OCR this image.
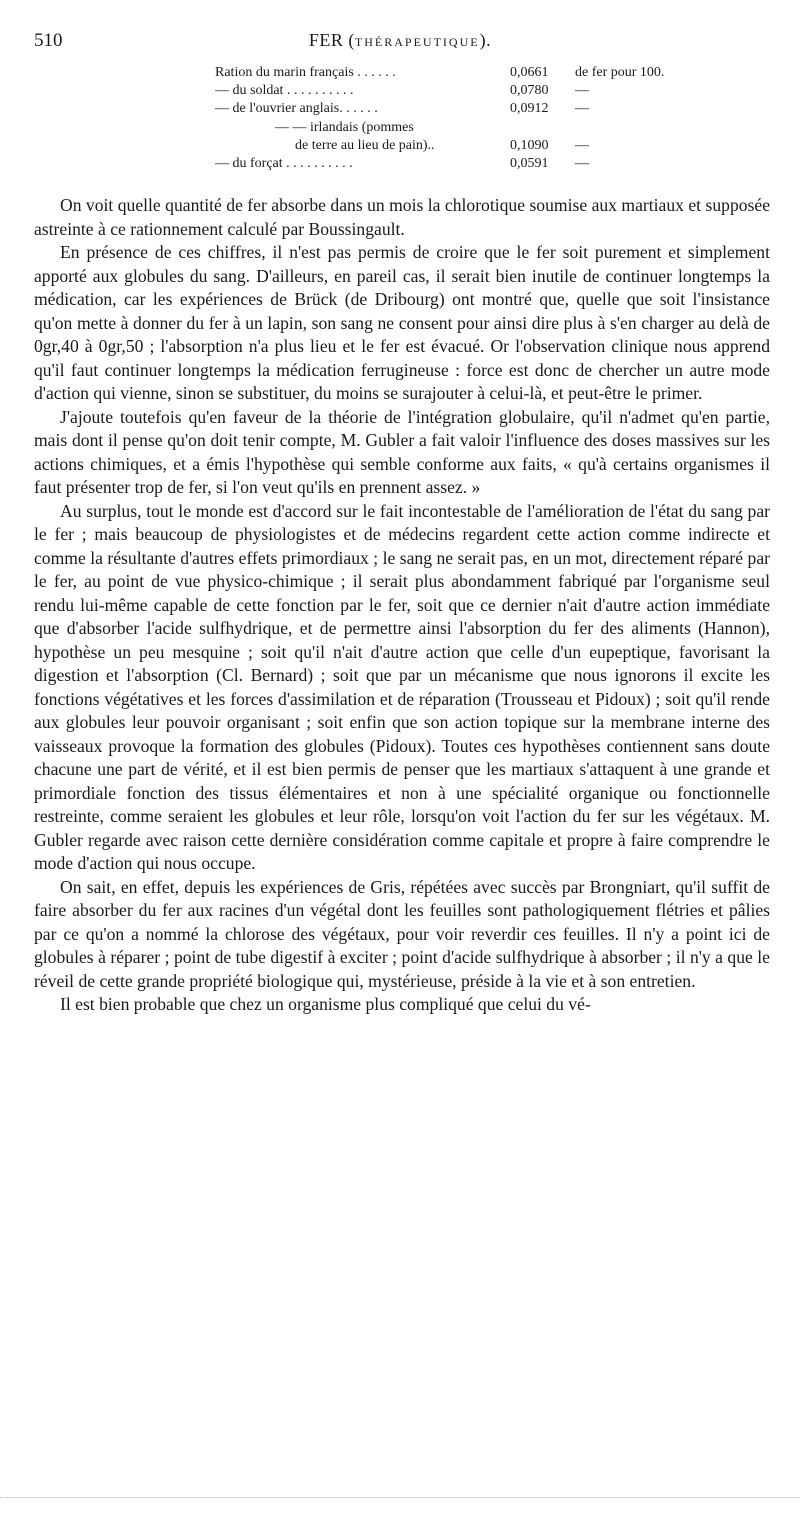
510	FER (THÉRAPEUTIQUE).
Ration du marin français . . . . . .	0,0661 de fer pour 100.
— du soldat . . . . . . . . . .	0,0780 —
— de l'ouvrier anglais. . . . . .	0,0912 —
— — irlandais (pommes
de terre au lieu de pain)..	0,1090 —
— du forçat . . . . . . . . . .	0,0591 —

On voit quelle quantité de fer absorbe dans un mois la chlorotique soumise aux martiaux et supposée astreinte à ce rationnement calculé par Boussingault.

En présence de ces chiffres, il n'est pas permis de croire que le fer soit purement et simplement apporté aux globules du sang. D'ailleurs, en pareil cas, il serait bien inutile de continuer longtemps la médication, car les expériences de Brück (de Dribourg) ont montré que, quelle que soit l'insistance qu'on mette à donner du fer à un lapin, son sang ne consent pour ainsi dire plus à s'en charger au delà de 0gr,40 à 0gr,50 ; l'absorption n'a plus lieu et le fer est évacué. Or l'observation clinique nous apprend qu'il faut continuer longtemps la médication ferrugineuse : force est donc de chercher un autre mode d'action qui vienne, sinon se substituer, du moins se surajouter à celui-là, et peut-être le primer.

J'ajoute toutefois qu'en faveur de la théorie de l'intégration globulaire, qu'il n'admet qu'en partie, mais dont il pense qu'on doit tenir compte, M. Gubler a fait valoir l'influence des doses massives sur les actions chimiques, et a émis l'hypothèse qui semble conforme aux faits, « qu'à certains organismes il faut présenter trop de fer, si l'on veut qu'ils en prennent assez. »

Au surplus, tout le monde est d'accord sur le fait incontestable de l'amélioration de l'état du sang par le fer ; mais beaucoup de physiologistes et de médecins regardent cette action comme indirecte et comme la résultante d'autres effets primordiaux ; le sang ne serait pas, en un mot, directement réparé par le fer, au point de vue physico-chimique ; il serait plus abondamment fabriqué par l'organisme seul rendu lui-même capable de cette fonction par le fer, soit que ce dernier n'ait d'autre action immédiate que d'absorber l'acide sulfhydrique, et de permettre ainsi l'absorption du fer des aliments (Hannon), hypothèse un peu mesquine ; soit qu'il n'ait d'autre action que celle d'un eupeptique, favorisant la digestion et l'absorption (Cl. Bernard) ; soit que par un mécanisme que nous ignorons il excite les fonctions végétatives et les forces d'assimilation et de réparation (Trousseau et Pidoux) ; soit qu'il rende aux globules leur pouvoir organisant ; soit enfin que son action topique sur la membrane interne des vaisseaux provoque la formation des globules (Pidoux). Toutes ces hypothèses contiennent sans doute chacune une part de vérité, et il est bien permis de penser que les martiaux s'attaquent à une grande et primordiale fonction des tissus élémentaires et non à une spécialité organique ou fonctionnelle restreinte, comme seraient les globules et leur rôle, lorsqu'on voit l'action du fer sur les végétaux. M. Gubler regarde avec raison cette dernière considération comme capitale et propre à faire comprendre le mode d'action qui nous occupe.

On sait, en effet, depuis les expériences de Gris, répétées avec succès par Brongniart, qu'il suffit de faire absorber du fer aux racines d'un végétal dont les feuilles sont pathologiquement flétries et pâlies par ce qu'on a nommé la chlorose des végétaux, pour voir reverdir ces feuilles. Il n'y a point ici de globules à réparer ; point de tube digestif à exciter ; point d'acide sulfhydrique à absorber ; il n'y a que le réveil de cette grande propriété biologique qui, mystérieuse, préside à la vie et à son entretien.

Il est bien probable que chez un organisme plus compliqué que celui du vé-
